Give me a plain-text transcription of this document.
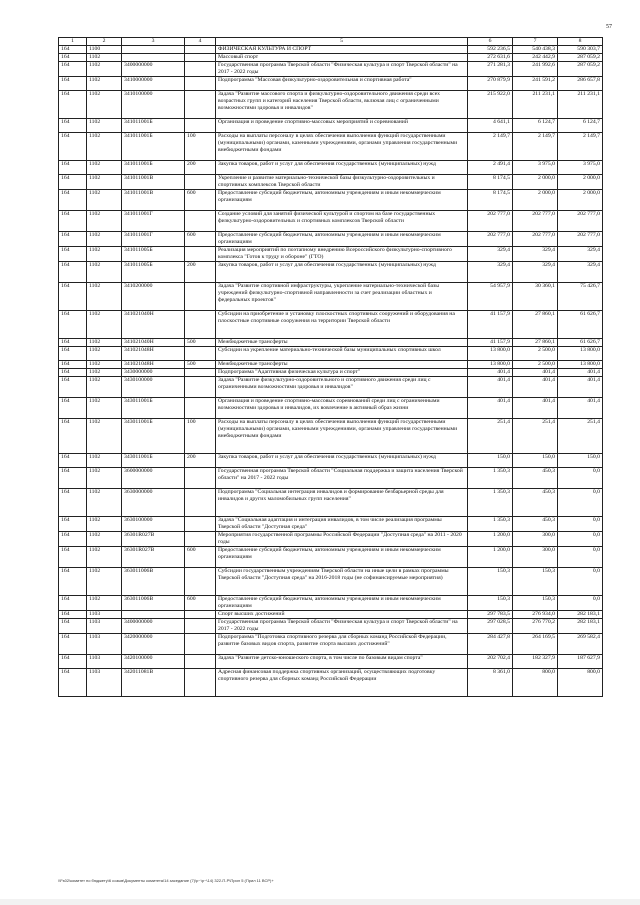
57
1	2	3	4	5	6	7	8
164	1100			ФИЗИЧЕСКАЯ КУЛЬТУРА И СПОРТ	592 236,5	540 438,3	590 303,7
164	1102			Массовый спорт	272 631,6	242 442,9	287 059,2
164	1102	3400000000		Государственная программа Тверской области "Физическая культура и спорт Тверской области" на 2017 - 2022 годы	271 281,3	241 992,6	287 059,2
164	1102	3410000000		Подпрограмма "Массовая физкультурно-оздоровительная и спортивная работа"	270 879,9	241 591,2	286 657,8
164	1102	3410100000		Задача "Развитие массового спорта и физкультурно-оздоровительного движения среди всех возрастных групп и категорий населения Тверской области, включая лиц с ограниченными возможностями здоровья и инвалидов"	215 922,0	211 231,1	211 231,1
164	1102	341011001Б		Организация и проведение спортивно-массовых мероприятий и соревнований	4 641,1	6 124,7	6 124,7
164	1102	341011001Б	100	Расходы на выплаты персоналу в целях обеспечения выполнения функций государственными (муниципальными) органами, казенными учреждениями, органами управления государственными внебюджетными фондами	2 149,7	2 149,7	2 149,7
164	1102	341011001Б	200	Закупка товаров, работ и услуг для обеспечения государственных (муниципальных) нужд	2 491,4	3 975,0	3 975,0
164	1102	341011001В		Укрепление и развитие материально-технической базы физкультурно-оздоровительных и спортивных комплексов Тверской области	8 174,5	2 000,0	2 000,0
164	1102	341011001В	600	Предоставление субсидий бюджетным, автономным учреждениям и иным некоммерческим организациям	8 174,5	2 000,0	2 000,0
164	1102	341011001Г		Создание условий для занятий физической культурой и спортом на базе государственных физкультурно-оздоровительных и спортивных комплексов Тверской области	202 777,0	202 777,0	202 777,0
164	1102	341011001Г	600	Предоставление субсидий бюджетным, автономным учреждениям и иным некоммерческим организациям	202 777,0	202 777,0	202 777,0
164	1102	341011005Б		Реализация мероприятий по поэтапному внедрению Всероссийского физкультурно-спортивного комплекса "Готов к труду и обороне" (ГТО)	329,4	329,4	329,4
164	1102	341011005Б	200	Закупка товаров, работ и услуг для обеспечения государственных (муниципальных) нужд	329,4	329,4	329,4
164	1102	3410200000		Задача "Развитие спортивной инфраструктуры, укрепление материально-технической базы учреждений физкультурно-спортивной направленности за счет реализации областных и федеральных проектов"	54 957,9	30 360,1	75 426,7
164	1102	341021040Н		Субсидии на приобретение и установку плоскостных спортивных сооружений и оборудования на плоскостные спортивные сооружения на территории Тверской области	41 157,9	27 860,1	61 626,7
164	1102	341021040Н	500	Межбюджетные трансферты	41 157,9	27 860,1	61 626,7
164	1102	341021048Н		Субсидии на укрепление материально-технической базы муниципальных спортивных школ	13 800,0	2 500,0	13 800,0
164	1102	341021048Н	500	Межбюджетные трансферты	13 800,0	2 500,0	13 800,0
164	1102	3430000000		Подпрограмма "Адаптивная физическая культура и спорт"	401,4	401,4	401,4
164	1102	3430100000		Задача "Развитие физкультурно-оздоровительного и спортивного движения среди лиц с ограниченными возможностями здоровья и инвалидов"	401,4	401,4	401,4
164	1102	343011001Б		Организация и проведение спортивно-массовых соревнований среди лиц с ограниченными возможностями здоровья и инвалидов, их вовлечение в активный образ жизни	401,4	401,4	401,4
164	1102	343011001Б	100	Расходы на выплаты персоналу в целях обеспечения выполнения функций государственными (муниципальными) органами, казенными учреждениями, органами управления государственными внебюджетными фондами	251,4	251,4	251,4
164	1102	343011001Б	200	Закупка товаров, работ и услуг для обеспечения государственных (муниципальных) нужд	150,0	150,0	150,0
164	1102	3600000000		Государственная программа Тверской области "Социальная поддержка и защита населения Тверской области" на 2017 - 2022 годы	1 350,3	450,3	0,0
164	1102	3630000000		Подпрограмма "Социальная интеграция инвалидов и формирование безбарьерной среды для инвалидов и других маломобильных групп населения"	1 350,3	450,3	0,0
164	1102	3630100000		Задача "Социальная адаптация и интеграция инвалидов, в том числе реализация программы Тверской области "Доступная среда"	1 350,3	450,3	0,0
164	1102	36301R027В		Мероприятия государственной программы Российской Федерации "Доступная среда" на 2011 - 2020 годы	1 200,0	300,0	0,0
164	1102	36301R027В	600	Предоставление субсидий бюджетным, автономным учреждениям и иным некоммерческим организациям	1 200,0	300,0	0,0
164	1102	363011006В		Субсидии государственным учреждениям Тверской области на иные цели в рамках программы Тверской области "Доступная среда" на 2016-2018 годы (не софинансируемые мероприятия)	150,3	150,3	0,0
164	1102	363011006В	600	Предоставление субсидий бюджетным, автономным учреждениям и иным некоммерческим организациям	150,3	150,3	0,0
164	1103			Спорт высших достижений	297 783,5	276 934,0	282 183,1
164	1103	3400000000		Государственная программа Тверской области "Физическая культура и спорт Тверской области" на 2017 - 2022 годы	297 028,5	276 770,2	282 183,1
164	1103	3420000000		Подпрограмма "Подготовка спортивного резерва для сборных команд Российской Федерации, развитие базовых видов спорта, развитие спорта высших достижений"	284 427,8	264 169,5	269 582,4
164	1103	3420100000		Задача "Развитие детско-юношеского спорта, в том числе по базовым видам спорта"	202 702,4	182 327,9	187 627,9
164	1103	342011081В		Адресная финансовая поддержка спортивных организаций, осуществляющих подготовку спортивного резерва для сборных команд Российской Федерации	8 361,0	800,0	800,0
\\Fs02\комитет по бюджету\6 созыв\Документы комитета\14 заседание (7)\р~\р~\14) 322-П-Р\Прил 5 (Прил 11 ВСР)+
